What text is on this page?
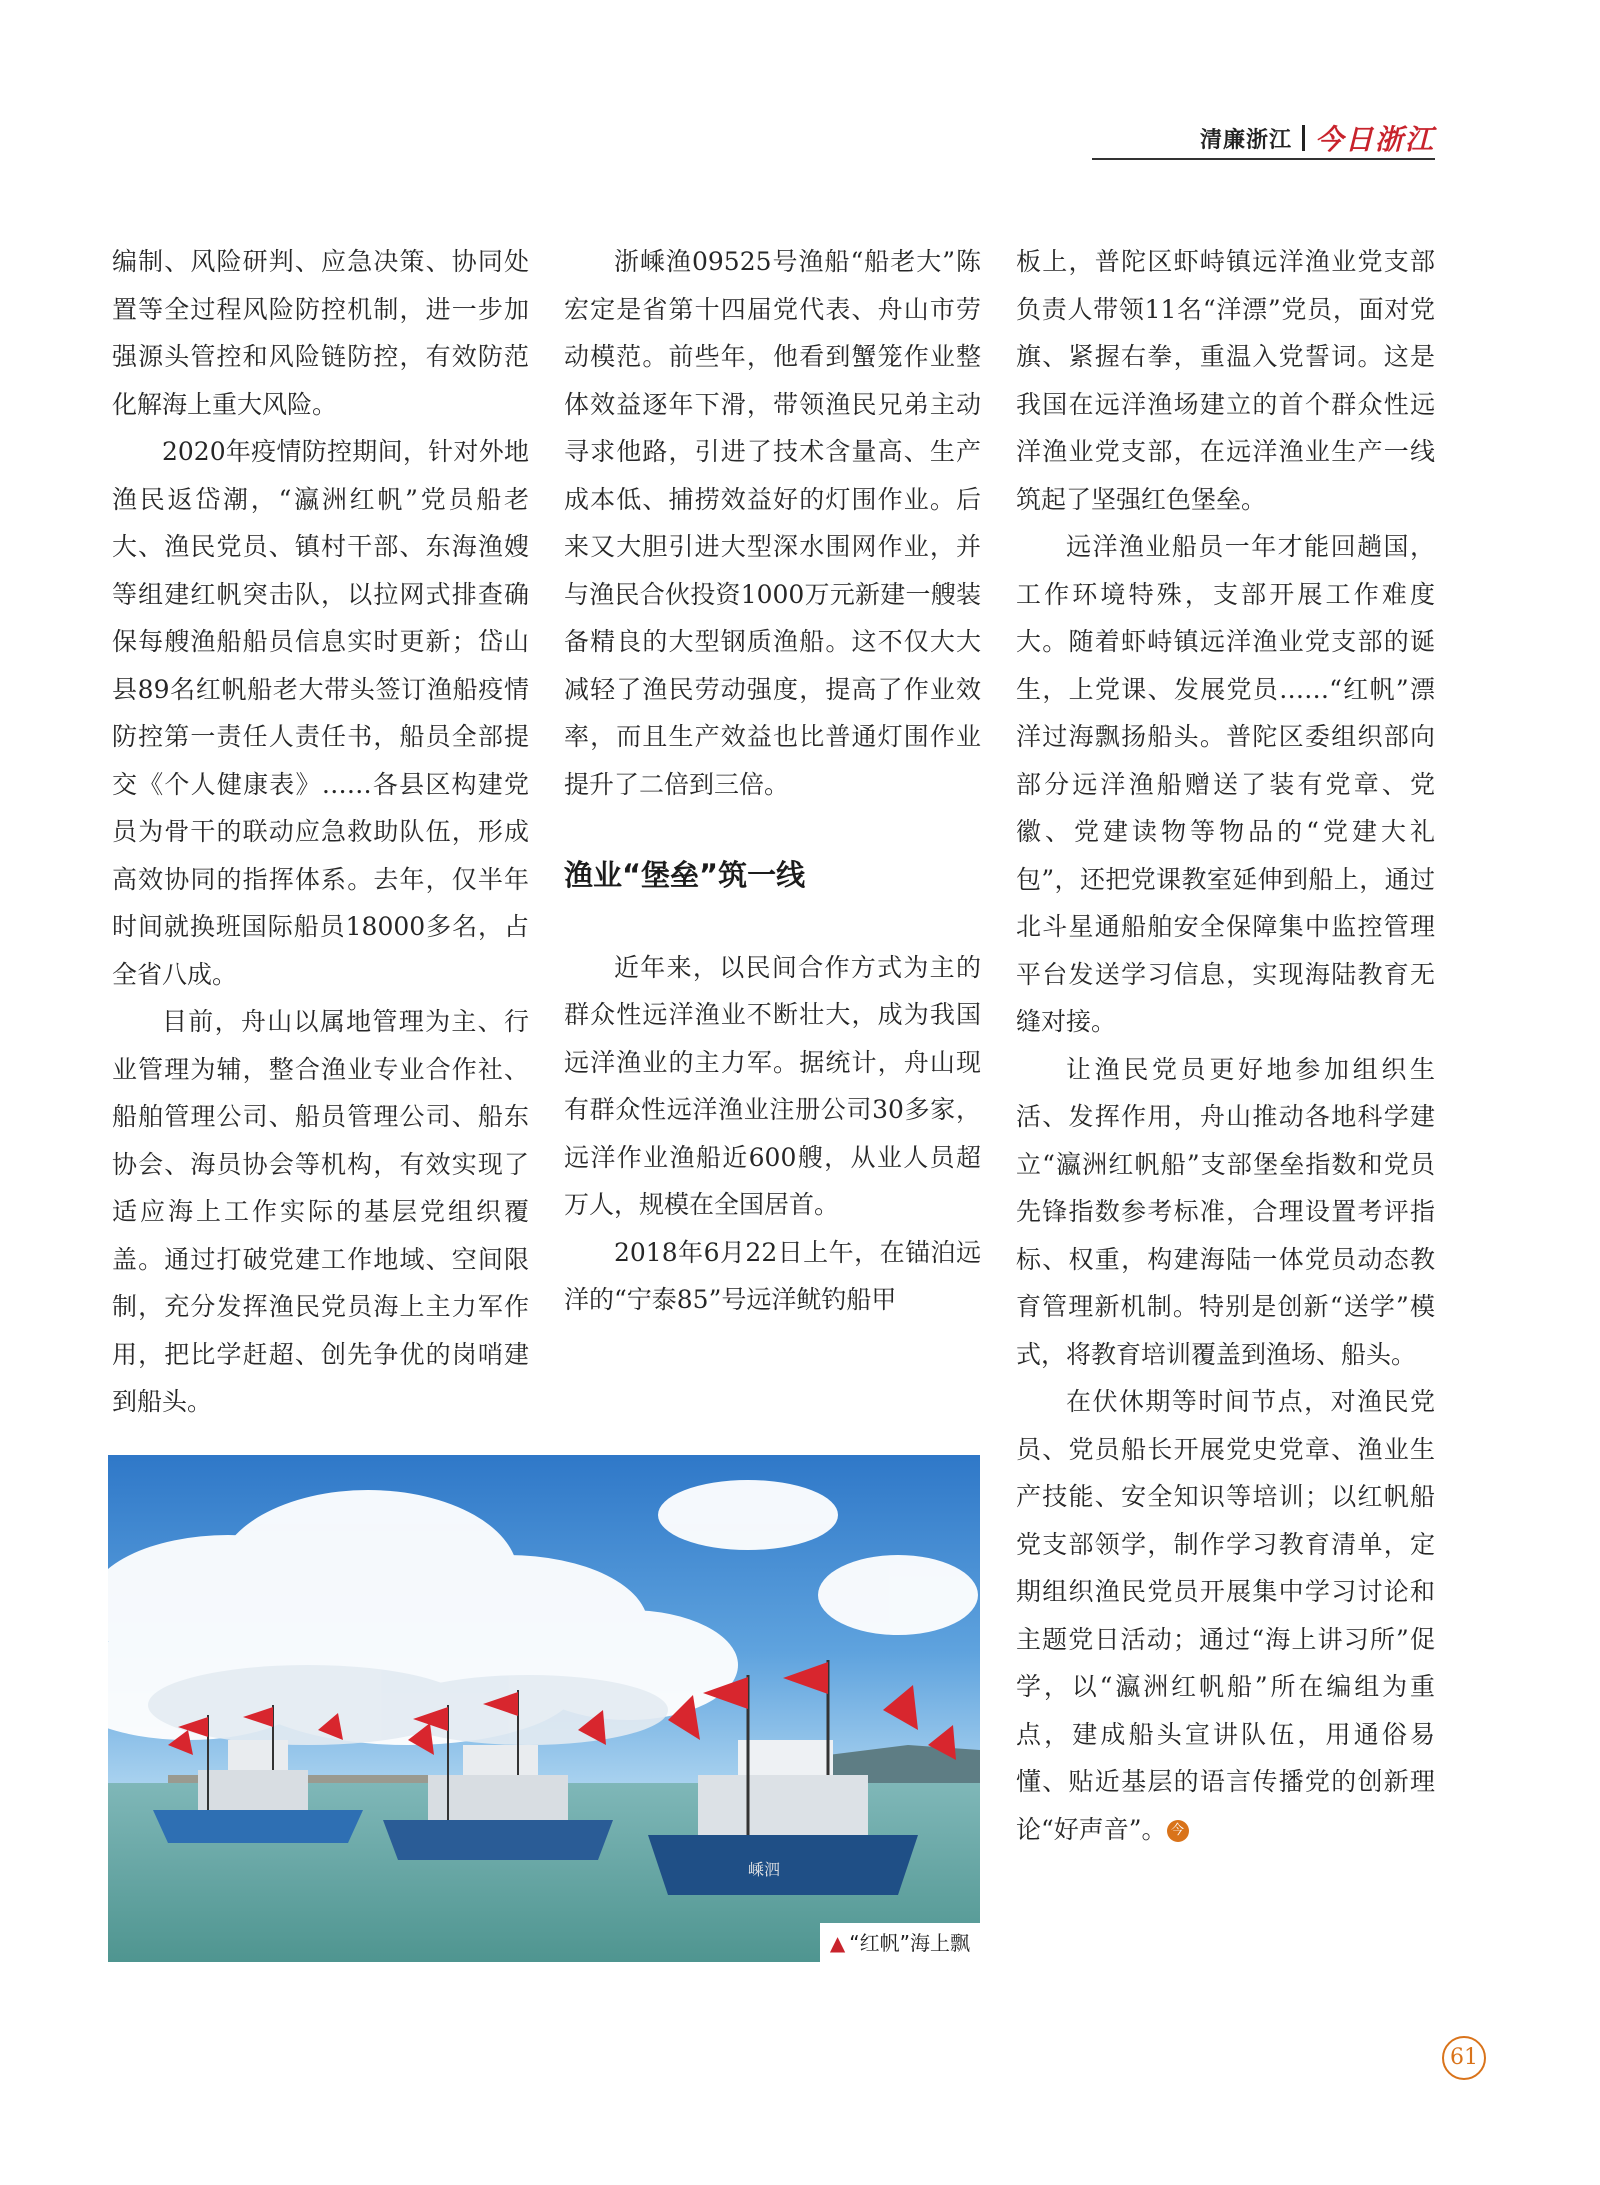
清廉浙江 今日浙江

编制、风险研判、应急决策、协同处置等全过程风险防控机制，进一步加强源头管控和风险链防控，有效防范化解海上重大风险。

2020年疫情防控期间，针对外地渔民返岱潮，“瀛洲红帆”党员船老大、渔民党员、镇村干部、东海渔嫂等组建红帆突击队，以拉网式排查确保每艘渔船船员信息实时更新；岱山县89名红帆船老大带头签订渔船疫情防控第一责任人责任书，船员全部提交《个人健康表》……各县区构建党员为骨干的联动应急救助队伍，形成高效协同的指挥体系。去年，仅半年时间就换班国际船员18000多名，占全省八成。

目前，舟山以属地管理为主、行业管理为辅，整合渔业专业合作社、船舶管理公司、船员管理公司、船东协会、海员协会等机构，有效实现了适应海上工作实际的基层党组织覆盖。通过打破党建工作地域、空间限制，充分发挥渔民党员海上主力军作用，把比学赶超、创先争优的岗哨建到船头。

浙嵊渔09525号渔船“船老大”陈宏定是省第十四届党代表、舟山市劳动模范。前些年，他看到蟹笼作业整体效益逐年下滑，带领渔民兄弟主动寻求他路，引进了技术含量高、生产成本低、捕捞效益好的灯围作业。后来又大胆引进大型深水围网作业，并与渔民合伙投资1000万元新建一艘装备精良的大型钢质渔船。这不仅大大减轻了渔民劳动强度，提高了作业效率，而且生产效益也比普通灯围作业提升了二倍到三倍。

渔业“堡垒”筑一线

近年来，以民间合作方式为主的群众性远洋渔业不断壮大，成为我国远洋渔业的主力军。据统计，舟山现有群众性远洋渔业注册公司30多家，远洋作业渔船近600艘，从业人员超万人，规模在全国居首。

2018年6月22日上午，在锚泊远洋的“宁泰85”号远洋鱿钓船甲

板上，普陀区虾峙镇远洋渔业党支部负责人带领11名“洋漂”党员，面对党旗、紧握右拳，重温入党誓词。这是我国在远洋渔场建立的首个群众性远洋渔业党支部，在远洋渔业生产一线筑起了坚强红色堡垒。

远洋渔业船员一年才能回趟国，工作环境特殊，支部开展工作难度大。随着虾峙镇远洋渔业党支部的诞生，上党课、发展党员……“红帆”漂洋过海飘扬船头。普陀区委组织部向部分远洋渔船赠送了装有党章、党徽、党建读物等物品的“党建大礼包”，还把党课教室延伸到船上，通过北斗星通船舶安全保障集中监控管理平台发送学习信息，实现海陆教育无缝对接。

让渔民党员更好地参加组织生活、发挥作用，舟山推动各地科学建立“瀛洲红帆船”支部堡垒指数和党员先锋指数参考标准，合理设置考评指标、权重，构建海陆一体党员动态教育管理新机制。特别是创新“送学”模式，将教育培训覆盖到渔场、船头。

在伏休期等时间节点，对渔民党员、党员船长开展党史党章、渔业生产技能、安全知识等培训；以红帆船党支部领学，制作学习教育清单，定期组织渔民党员开展集中学习讨论和主题党日活动；通过“海上讲习所”促学，以“瀛洲红帆船”所在编组为重点，建成船头宣讲队伍，用通俗易懂、贴近基层的语言传播党的创新理论“好声音”。 今

嵊泗
▲ “红帆”海上飘
61
